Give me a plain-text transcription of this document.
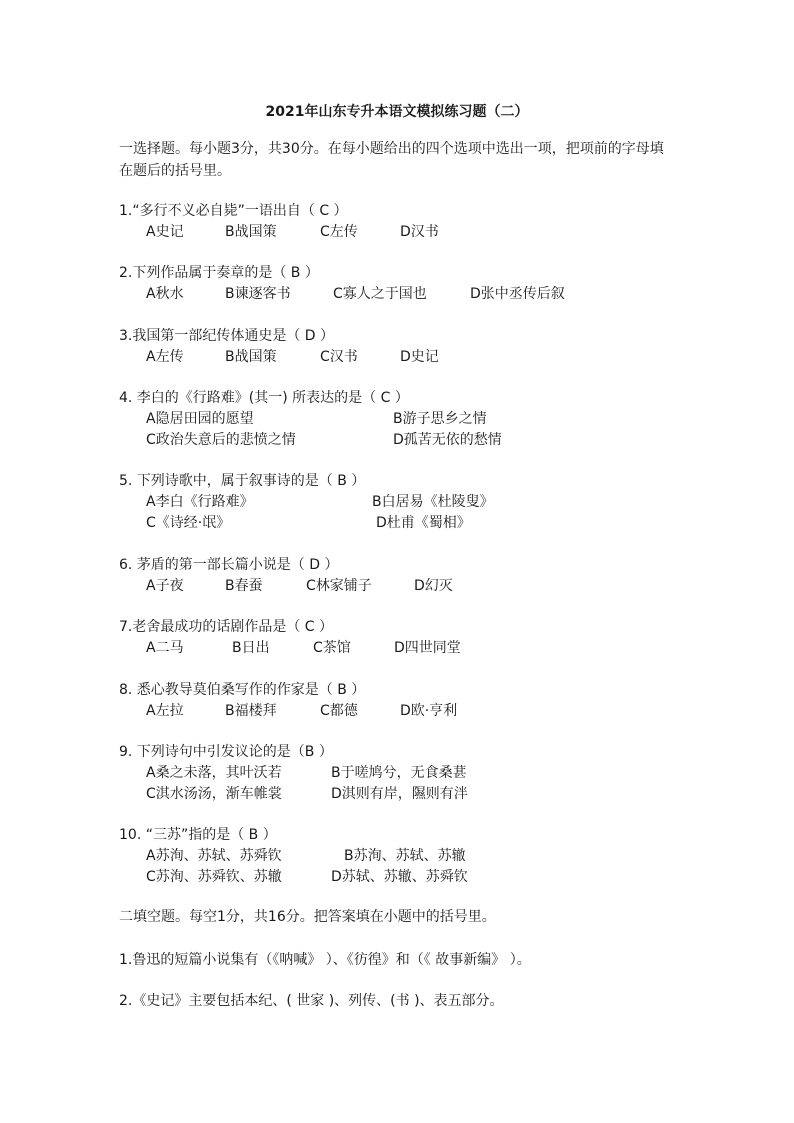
2021年山东专升本语文模拟练习题（二）
一选择题。每小题3分，共30分。在每小题给出的四个选项中选出一项，把项前的字母填
在题后的括号里。
1.“多行不义必自毙”一语出自（ C ）
A史记	B战国策	C左传	D汉书
2.下列作品属于奏章的是（ B ）
A秋水	B谏逐客书	C寡人之于国也	D张中丞传后叙
3.我国第一部纪传体通史是（ D ）
A左传	B战国策	C汉书	D史记
4. 李白的《行路难》(其一) 所表达的是（ C ）
A隐居田园的愿望	B游子思乡之情
C政治失意后的悲愤之情	D孤苦无依的愁情
5. 下列诗歌中，属于叙事诗的是（ B ）
A李白《行路难》	B白居易《杜陵叟》
C《诗经·氓》	D杜甫《蜀相》
6. 茅盾的第一部长篇小说是（ D ）
A子夜	B春蚕	C林家铺子	D幻灭
7.老舍最成功的话剧作品是（ C ）
A二马	B日出	C茶馆	D四世同堂
8. 悉心教导莫伯桑写作的作家是（ B ）
A左拉	B福楼拜	C都德	D欧·亨利
9. 下列诗句中引发议论的是（B ）
A桑之未落，其叶沃若	B于嗟鸠兮，无食桑葚
C淇水汤汤，渐车帷裳	D淇则有岸，隰则有泮
10. “三苏”指的是（ B ）
A苏洵、苏轼、苏舜钦	B苏洵、苏轼、苏辙
C苏洵、苏舜钦、苏辙	D苏轼、苏辙、苏舜钦
二填空题。每空1分，共16分。把答案填在小题中的括号里。
1.鲁迅的短篇小说集有（《呐喊》 ）、《彷徨》和（《 故事新编》 ）。
2.《史记》主要包括本纪、( 世家 )、列传、(书 )、表五部分。
